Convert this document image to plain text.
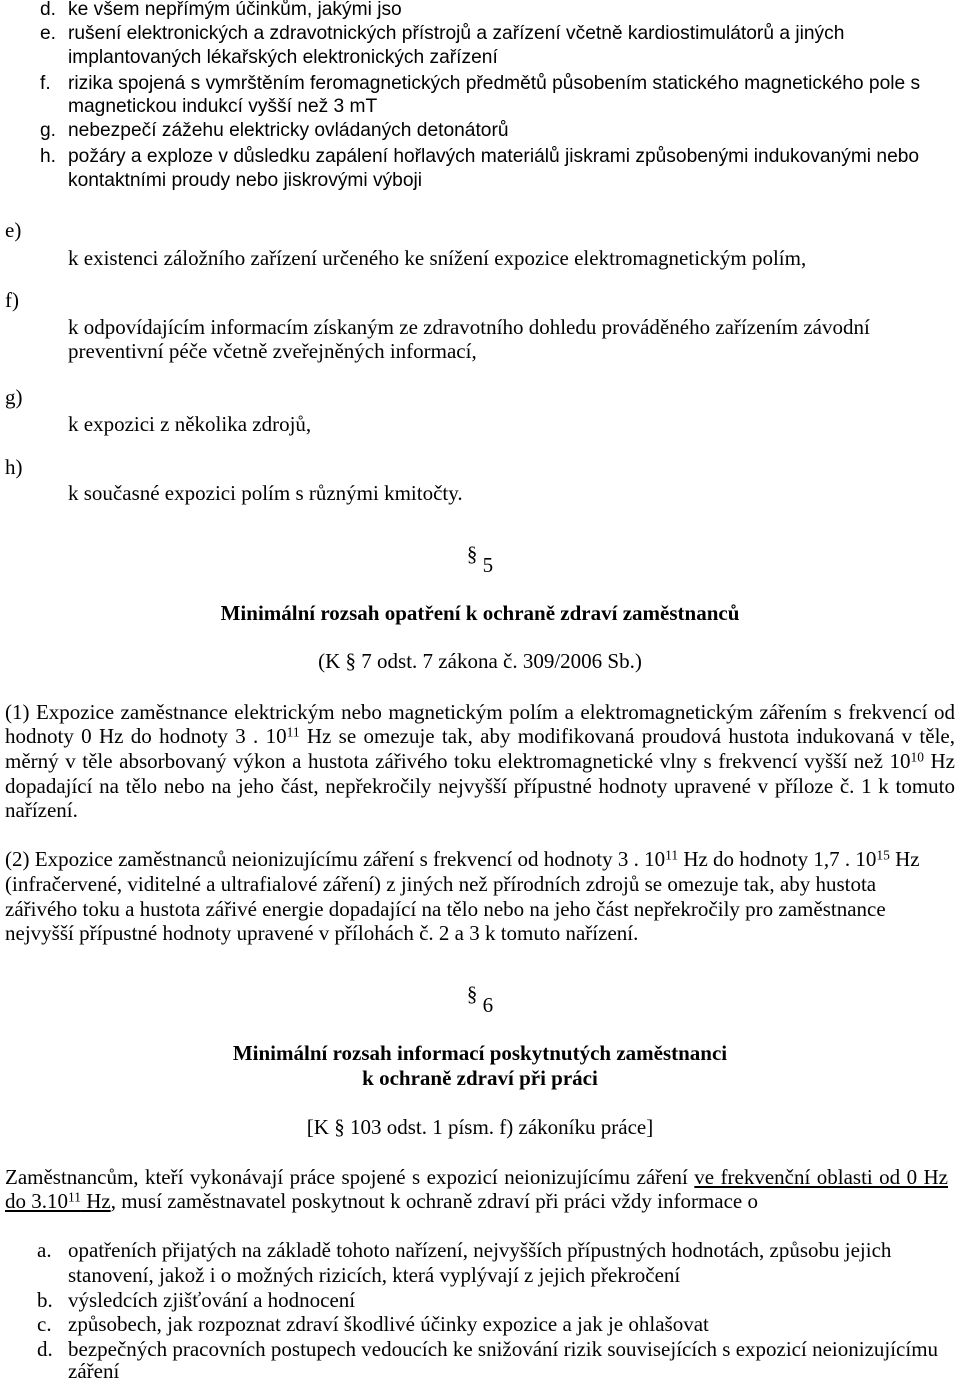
d. ke všem nepřímým účinkům, jakými jso
e. rušení elektronických a zdravotnických přístrojů a zařízení včetně kardiostimulátorů a jiných
implantovaných lékařských elektronických zařízení
f. rizika spojená s vymrštěním feromagnetických předmětů působením statického magnetického pole s
magnetickou indukcí vyšší než 3 mT
g. nebezpečí zážehu elektricky ovládaných detonátorů
h. požáry a exploze v důsledku zapálení hořlavých materiálů jiskrami způsobenými indukovanými nebo
kontaktními proudy nebo jiskrovými výboji
e)
k existenci záložního zařízení určeného ke snížení expozice elektromagnetickým polím,
f)
k odpovídajícím informacím získaným ze zdravotního dohledu prováděného zařízením závodní
preventivní péče včetně zveřejněných informací,
g)
k expozici z několika zdrojů,
h)
k současné expozici polím s různými kmitočty.
§ 5
Minimální rozsah opatření k ochraně zdraví zaměstnanců
(K § 7 odst. 7 zákona č. 309/2006 Sb.)
(1) Expozice zaměstnance elektrickým nebo magnetickým polím a elektromagnetickým zářením s frekvencí od
hodnoty 0 Hz do hodnoty 3 . $10^{11}$ Hz se omezuje tak, aby modifikovaná proudová hustota indukovaná v těle,
měrný v těle absorbovaný výkon a hustota zářivého toku elektromagnetické vlny s frekvencí vyšší než $10^{10}$ Hz
dopadající na tělo nebo na jeho část, nepřekročily nejvyšší přípustné hodnoty upravené v příloze č. 1 k tomuto
nařízení.
(2) Expozice zaměstnanců neionizujícímu záření s frekvencí od hodnoty 3 . $10^{11}$ Hz do hodnoty 1,7 . $10^{15}$ Hz
(infračervené, viditelné a ultrafialové záření) z jiných než přírodních zdrojů se omezuje tak, aby hustota
zářivého toku a hustota zářivé energie dopadající na tělo nebo na jeho část nepřekročily pro zaměstnance
nejvyšší přípustné hodnoty upravené v přílohách č. 2 a 3 k tomuto nařízení.
§ 6
Minimální rozsah informací poskytnutých zaměstnanci
k ochraně zdraví při práci
[K § 103 odst. 1 písm. f) zákoníku práce]
Zaměstnancům, kteří vykonávají práce spojené s expozicí neionizujícímu záření ve frekvenční oblasti od 0 Hz
do 3.10$^{11}$ Hz, musí zaměstnavatel poskytnout k ochraně zdraví při práci vždy informace o
a. opatřeních přijatých na základě tohoto nařízení, nejvyšších přípustných hodnotách, způsobu jejich
stanovení, jakož i o možných rizicích, která vyplývají z jejich překročení
b. výsledcích zjišťování a hodnocení
c. způsobech, jak rozpoznat zdraví škodlivé účinky expozice a jak je ohlašovat
d. bezpečných pracovních postupech vedoucích ke snižování rizik souvisejících s expozicí neionizujícímu
záření
